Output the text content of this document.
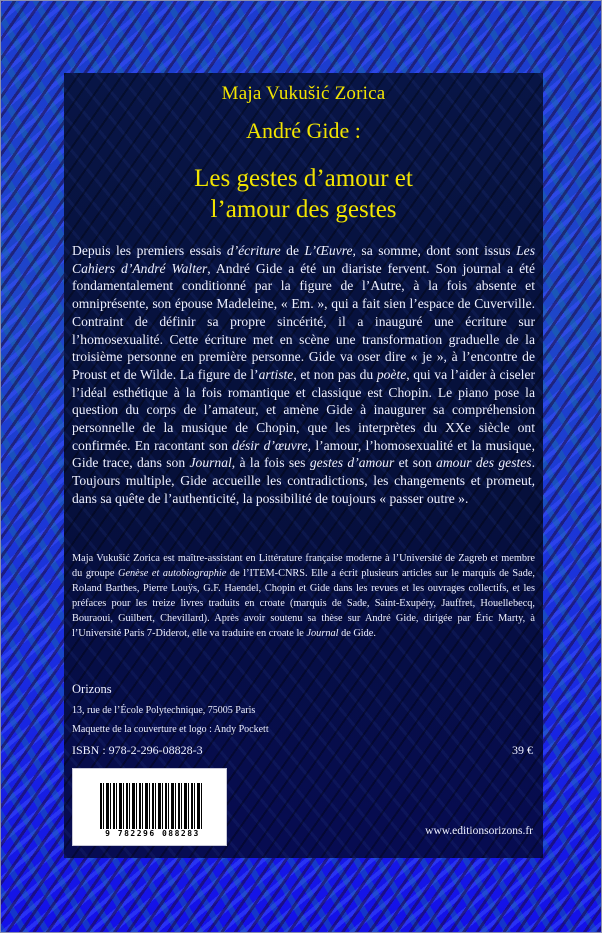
Maja Vukušić Zorica
André Gide :
Les gestes d’amour et
l’amour des gestes

Depuis les premiers essais d’écriture de L’Œuvre, sa somme, dont sont issus Les Cahiers d’André Walter, André Gide a été un diariste fervent. Son journal a été fondamentalement conditionné par la figure de l’Autre, à la fois absente et omniprésente, son épouse Madeleine, « Em. », qui a fait sien l’espace de Cuverville. Contraint de définir sa propre sincérité, il a inauguré une écriture sur l’homosexualité. Cette écriture met en scène une transformation graduelle de la troisième personne en première personne. Gide va oser dire « je », à l’encontre de Proust et de Wilde. La figure de l’artiste, et non pas du poète, qui va l’aider à ciseler l’idéal esthétique à la fois romantique et classique est Chopin. Le piano pose la question du corps de l’amateur, et amène Gide à inaugurer sa compréhension personnelle de la musique de Chopin, que les interprètes du XXe siècle ont confirmée. En racontant son désir d’œuvre, l’amour, l’homosexualité et la musique, Gide trace, dans son Journal, à la fois ses gestes d’amour et son amour des gestes. Toujours multiple, Gide accueille les contradictions, les changements et promeut, dans sa quête de l’authenticité, la possibilité de toujours « passer outre ».

Maja Vukušić Zorica est maître-assistant en Littérature française moderne à l’Université de Zagreb et membre du groupe Genèse et autobiographie de l’ITEM-CNRS. Elle a écrit plusieurs articles sur le marquis de Sade, Roland Barthes, Pierre Louÿs, G.F. Haendel, Chopin et Gide dans les revues et les ouvrages collectifs, et les préfaces pour les treize livres traduits en croate (marquis de Sade, Saint-Exupéry, Jauffret, Houellebecq, Bouraoui, Guilbert, Chevillard). Après avoir soutenu sa thèse sur André Gide, dirigée par Éric Marty, à l’Université Paris 7-Diderot, elle va traduire en croate le Journal de Gide.

Orizons
13, rue de l’École Polytechnique, 75005 Paris
Maquette de la couverture et logo : Andy Pockett
ISBN : 978-2-296-08828-3	39 €
9 782296 088283	www.editionsorizons.fr
